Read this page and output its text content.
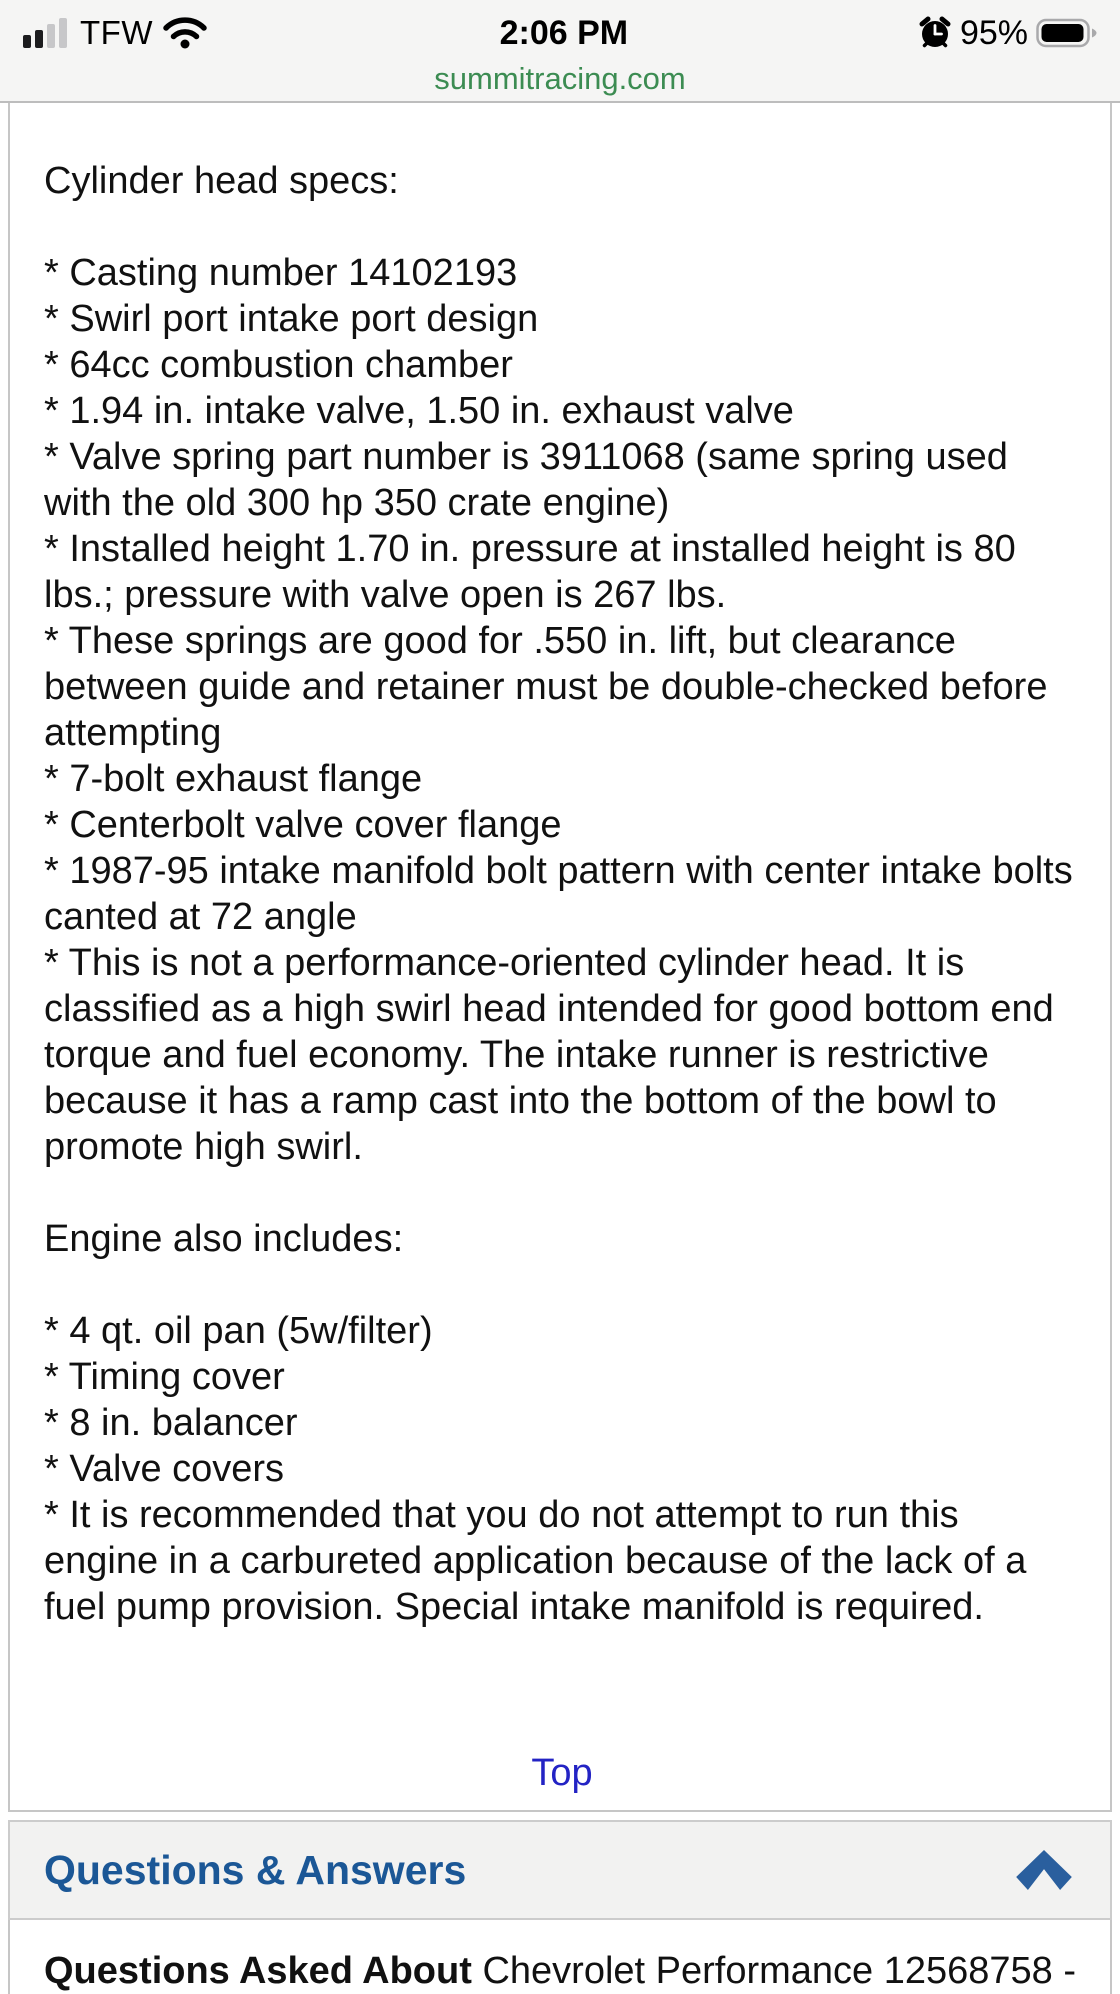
TFW	2:06 PM	95%
summitracing.com

Cylinder head specs:

* Casting number 14102193
* Swirl port intake port design
* 64cc combustion chamber
* 1.94 in. intake valve, 1.50 in. exhaust valve
* Valve spring part number is 3911068 (same spring used with the old 300 hp 350 crate engine)
* Installed height 1.70 in. pressure at installed height is 80 lbs.; pressure with valve open is 267 lbs.
* These springs are good for .550 in. lift, but clearance between guide and retainer must be double-checked before attempting
* 7-bolt exhaust flange
* Centerbolt valve cover flange
* 1987-95 intake manifold bolt pattern with center intake bolts canted at 72 angle
* This is not a performance-oriented cylinder head. It is classified as a high swirl head intended for good bottom end torque and fuel economy. The intake runner is restrictive because it has a ramp cast into the bottom of the bowl to promote high swirl.

Engine also includes:

* 4 qt. oil pan (5w/filter)
* Timing cover
* 8 in. balancer
* Valve covers
* It is recommended that you do not attempt to run this engine in a carbureted application because of the lack of a fuel pump provision. Special intake manifold is required.
Top
Questions & Answers

Questions Asked About Chevrolet Performance 12568758 -
